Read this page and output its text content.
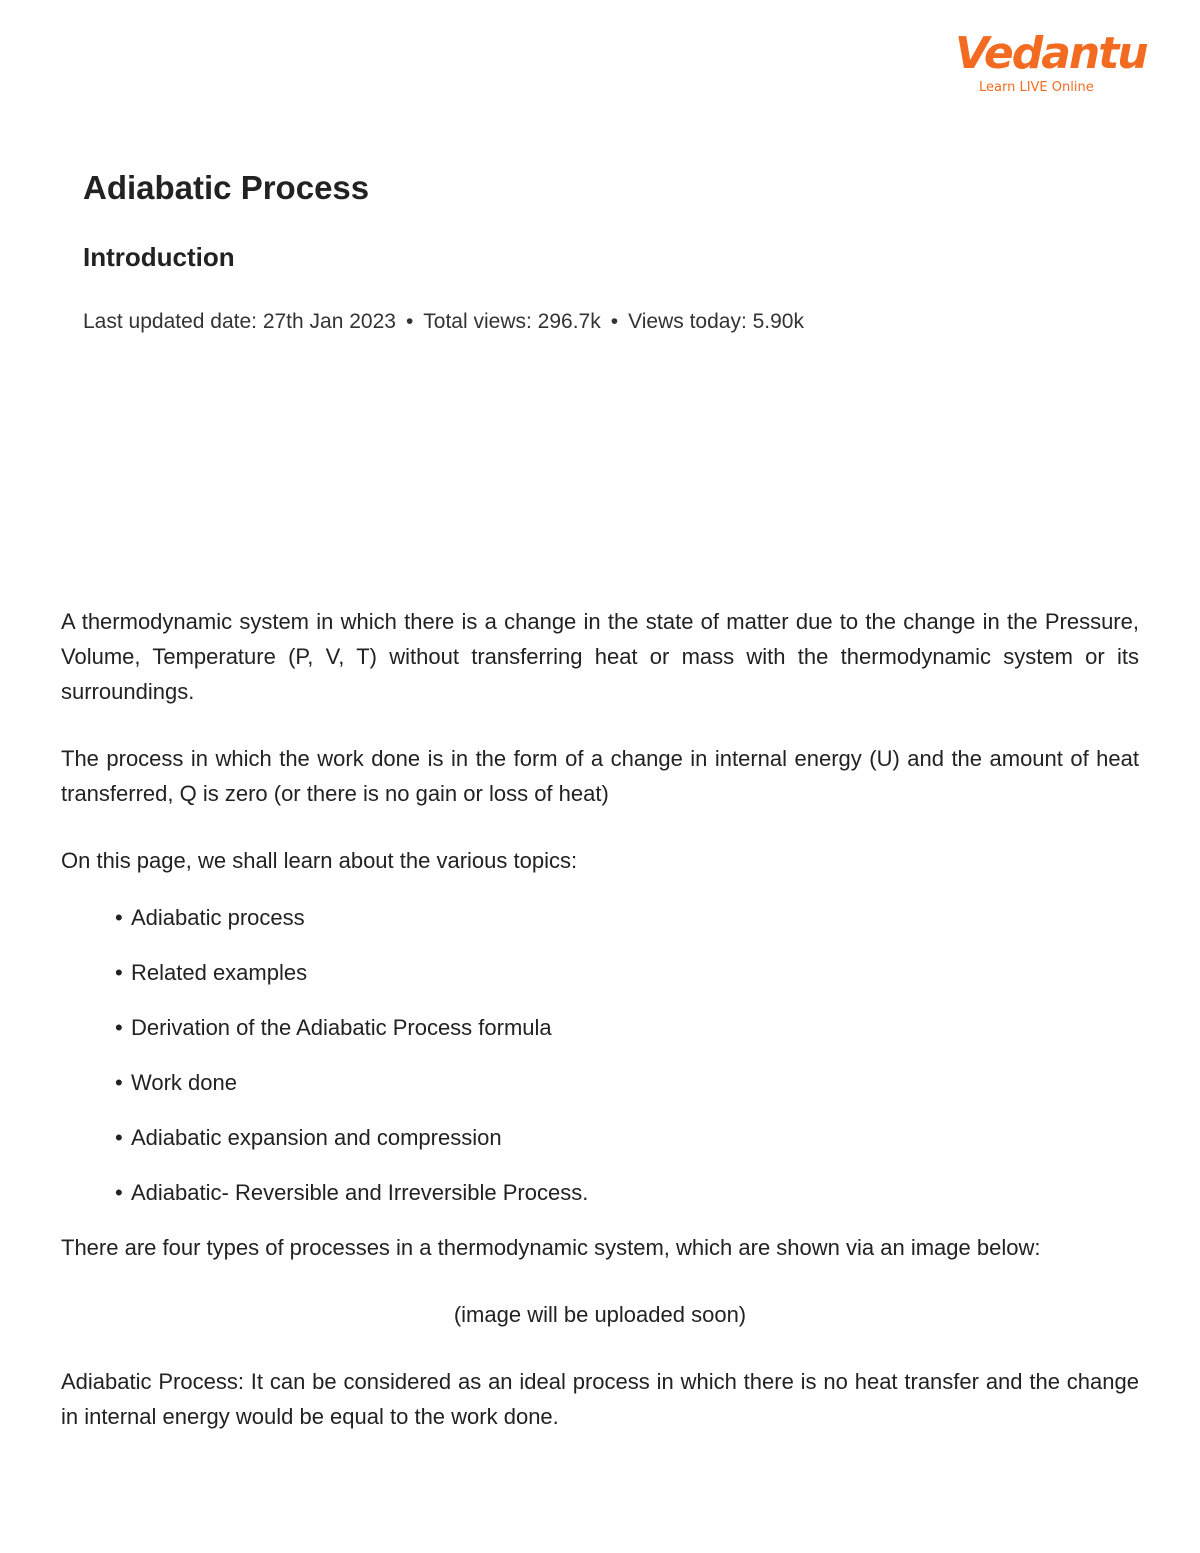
Vedantu
Learn LIVE Online
Adiabatic Process
Introduction
Last updated date: 27th Jan 2023 • Total views: 296.7k • Views today: 5.90k

A thermodynamic system in which there is a change in the state of matter due to the change in the Pressure, Volume, Temperature (P, V, T) without transferring heat or mass with the thermodynamic system or its surroundings.

The process in which the work done is in the form of a change in internal energy (U) and the amount of heat transferred, Q is zero (or there is no gain or loss of heat)

On this page, we shall learn about the various topics:

• Adiabatic process
• Related examples
• Derivation of the Adiabatic Process formula
• Work done
• Adiabatic expansion and compression
• Adiabatic- Reversible and Irreversible Process.

There are four types of processes in a thermodynamic system, which are shown via an image below:

(image will be uploaded soon)

Adiabatic Process: It can be considered as an ideal process in which there is no heat transfer and the change in internal energy would be equal to the work done.
